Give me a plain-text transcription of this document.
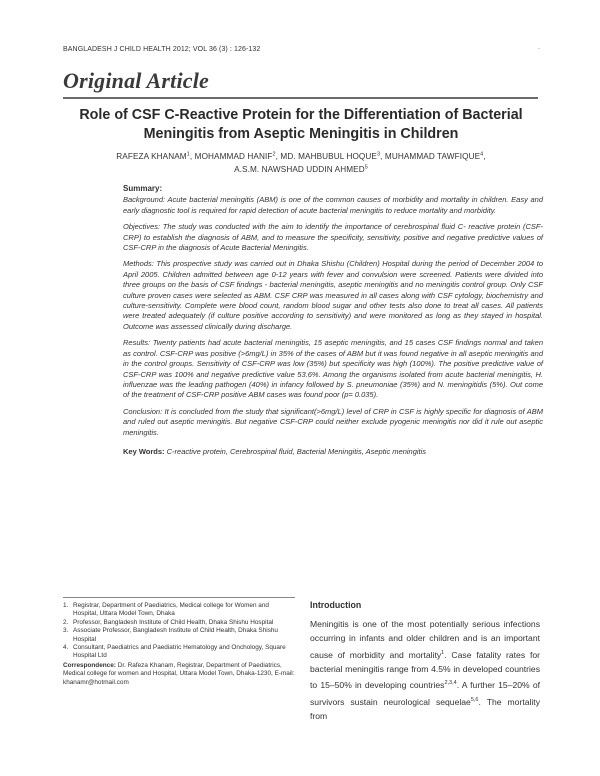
BANGLADESH J CHILD HEALTH 2012; VOL 36 (3) : 126-132	.
Original Article
Role of CSF C-Reactive Protein for the Differentiation of Bacterial Meningitis from Aseptic Meningitis in Children
RAFEZA KHANAM$^1$, MOHAMMAD HANIF$^2$, MD. MAHBUBUL HOQUE$^3$, MUHAMMAD TAWFIQUE$^4$,
A.S.M. NAWSHAD UDDIN AHMED$^5$
Summary:

Background: Acute bacterial meningitis (ABM) is one of the common causes of morbidity and mortality in children. Easy and early diagnostic tool is required for rapid detection of acute bacterial meningitis to reduce mortality and morbidity.

Objectives: The study was conducted with the aim to identify the importance of cerebrospinal fluid C- reactive protein (CSF-CRP) to establish the diagnosis of ABM, and to measure the specificity, sensitivity, positive and negative predictive values of CSF-CRP in the diagnosis of Acute Bacterial Meningitis.

Methods: This prospective study was carried out in Dhaka Shishu (Children) Hospital during the period of December 2004 to April 2005. Children admitted between age 0-12 years with fever and convulsion were screened. Patients were divided into three groups on the basis of CSF findings - bacterial meningitis, aseptic meningitis and no meningitis control group. Only CSF culture proven cases were selected as ABM. CSF CRP was measured in all cases along with CSF cytology, biochemistry and culture-sensitivity. Complete were blood count, random blood sugar and other tests also done to treat all cases. All patients were treated adequately (if culture positive according to sensitivity) and were monitored as long as they stayed in hospital. Outcome was assessed clinically during discharge.

Results: Twenty patients had acute bacterial meningitis, 15 aseptic meningitis, and 15 cases CSF findings normal and taken as control. CSF-CRP was positive (>6mg/L) in 35% of the cases of ABM but it was found negative in all aseptic meningitis and in the control groups. Sensitivity of CSF-CRP was low (35%) but specificity was high (100%). The positive predictive value of CSF-CRP was 100% and negative predictive value 53.6%. Among the organisms isolated from acute bacterial meningitis, H. influenzae was the leading pathogen (40%) in infancy followed by S. pneumoniae (35%) and N. meningitidis (5%). Out come of the treatment of CSF-CRP positive ABM cases was found poor (p= 0.035).

Conclusion: It is concluded from the study that significant(>6mg/L) level of CRP in CSF is highly specific for diagnosis of ABM and ruled out aseptic meningitis. But negative CSF-CRP could neither exclude pyogenic meningitis nor did it rule out aseptic meningitis.

Key Words: C-reactive protein, Cerebrospinal fluid, Bacterial Meningitis, Aseptic meningitis
1. Registrar, Department of Paediatrics, Medical college for Women and Hospital, Uttara Model Town, Dhaka
2. Professor, Bangladesh Institute of Child Health, Dhaka Shishu Hospital
3. Associate Professor, Bangladesh Institute of Child Health, Dhaka Shishu Hospital
4. Consultant, Paediatrics and Paediatric Hematology and Onchology, Square Hospital Ltd
Correspondence: Dr. Rafeza Khanam, Registrar, Department of Paediatrics, Medical college for women and Hospital, Uttara Model Town, Dhaka-1230, E-mail: khanamr@hotmail.com
Introduction

Meningitis is one of the most potentially serious infections occurring in infants and older children and is an important cause of morbidity and mortality$^1$. Case fatality rates for bacterial meningitis range from 4.5% in developed countries to 15–50% in developing countries$^{2,3,4}$. A further 15–20% of survivors sustain neurological sequelae$^{5,6}$. The mortality from
